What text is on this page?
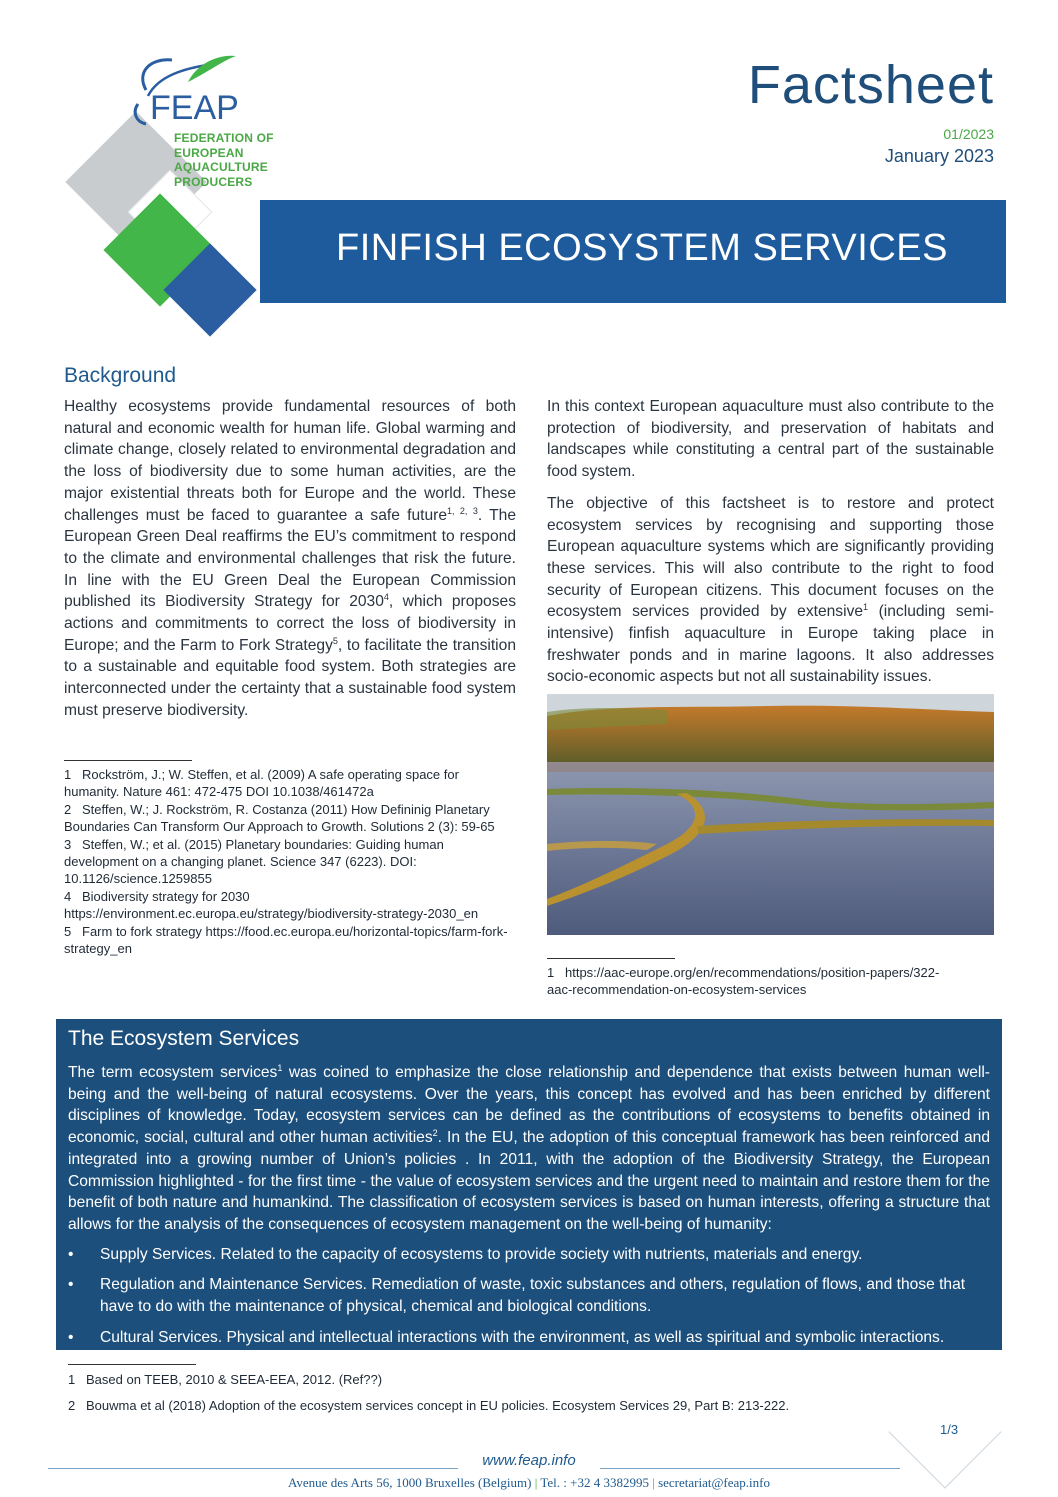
FEAP
FEDERATION OF
EUROPEAN
AQUACULTURE
PRODUCERS
Factsheet
01/2023
January 2023
FINFISH ECOSYSTEM SERVICES
Background

Healthy ecosystems provide fundamental resources of both natural and economic wealth for human life. Global warming and climate change, closely related to environmental degradation and the loss of biodiversity due to some human activities, are the major existential threats both for Europe and the world. These challenges must be faced to guarantee a safe future$^{1, 2, 3}$. The European Green Deal reaffirms the EU’s commitment to respond to the climate and environmental challenges that risk the future. In line with the EU Green Deal the European Commission published its Biodiversity Strategy for 2030$^4$, which proposes actions and commitments to correct the loss of biodiversity in Europe; and the Farm to Fork Strategy$^5$, to facilitate the transition to a sustainable and equitable food system. Both strategies are interconnected under the certainty that a sustainable food system must preserve biodiversity.

1 Rockström, J.; W. Steffen, et al. (2009) A safe operating space for humanity. Nature 461: 472-475 DOI 10.1038/461472a
2 Steffen, W.; J. Rockström, R. Costanza (2011) How Defininig Planetary Boundaries Can Transform Our Approach to Growth. Solutions 2 (3): 59-65
3 Steffen, W.; et al. (2015) Planetary boundaries: Guiding human development on a changing planet. Science 347 (6223). DOI: 10.1126/science.1259855
4 Biodiversity strategy for 2030 https://environment.ec.europa.eu/strategy/biodiversity-strategy-2030_en
5 Farm to fork strategy https://food.ec.europa.eu/horizontal-topics/farm-fork-strategy_en

In this context European aquaculture must also contribute to the protection of biodiversity, and preservation of habitats and landscapes while constituting a central part of the sustainable food system.

The objective of this factsheet is to restore and protect ecosystem services by recognising and supporting those European aquaculture systems which are significantly providing these services. This will also contribute to the right to food security of European citizens. This document focuses on the ecosystem services provided by extensive$^1$ (including semi-intensive) finfish aquaculture in Europe taking place in freshwater ponds and in marine lagoons. It also addresses socio-economic aspects but not all sustainability issues.

1 https://aac-europe.org/en/recommendations/position-papers/322-aac-recommendation-on-ecosystem-services
The Ecosystem Services

The term ecosystem services$^1$ was coined to emphasize the close relationship and dependence that exists between human well-being and the well-being of natural ecosystems. Over the years, this concept has evolved and has been enriched by different disciplines of knowledge. Today, ecosystem services can be defined as the contributions of ecosystems to benefits obtained in economic, social, cultural and other human activities$^2$. In the EU, the adoption of this conceptual framework has been reinforced and integrated into a growing number of Union’s policies . In 2011, with the adoption of the Biodiversity Strategy, the European Commission highlighted - for the first time - the value of ecosystem services and the urgent need to maintain and restore them for the benefit of both nature and humankind. The classification of ecosystem services is based on human interests, offering a structure that allows for the analysis of the consequences of ecosystem management on the well-being of humanity:

• Supply Services. Related to the capacity of ecosystems to provide society with nutrients, materials and energy.
• Regulation and Maintenance Services. Remediation of waste, toxic substances and others, regulation of flows, and those that have to do with the maintenance of physical, chemical and biological conditions.
• Cultural Services. Physical and intellectual interactions with the environment, as well as spiritual and symbolic interactions.
1 Based on TEEB, 2010 & SEEA-EEA, 2012. (Ref??)
2 Bouwma et al (2018) Adoption of the ecosystem services concept in EU policies. Ecosystem Services 29, Part B: 213-222.
1/3
www.feap.info
Avenue des Arts 56, 1000 Bruxelles (Belgium) | Tel. : +32 4 3382995 | secretariat@feap.info
